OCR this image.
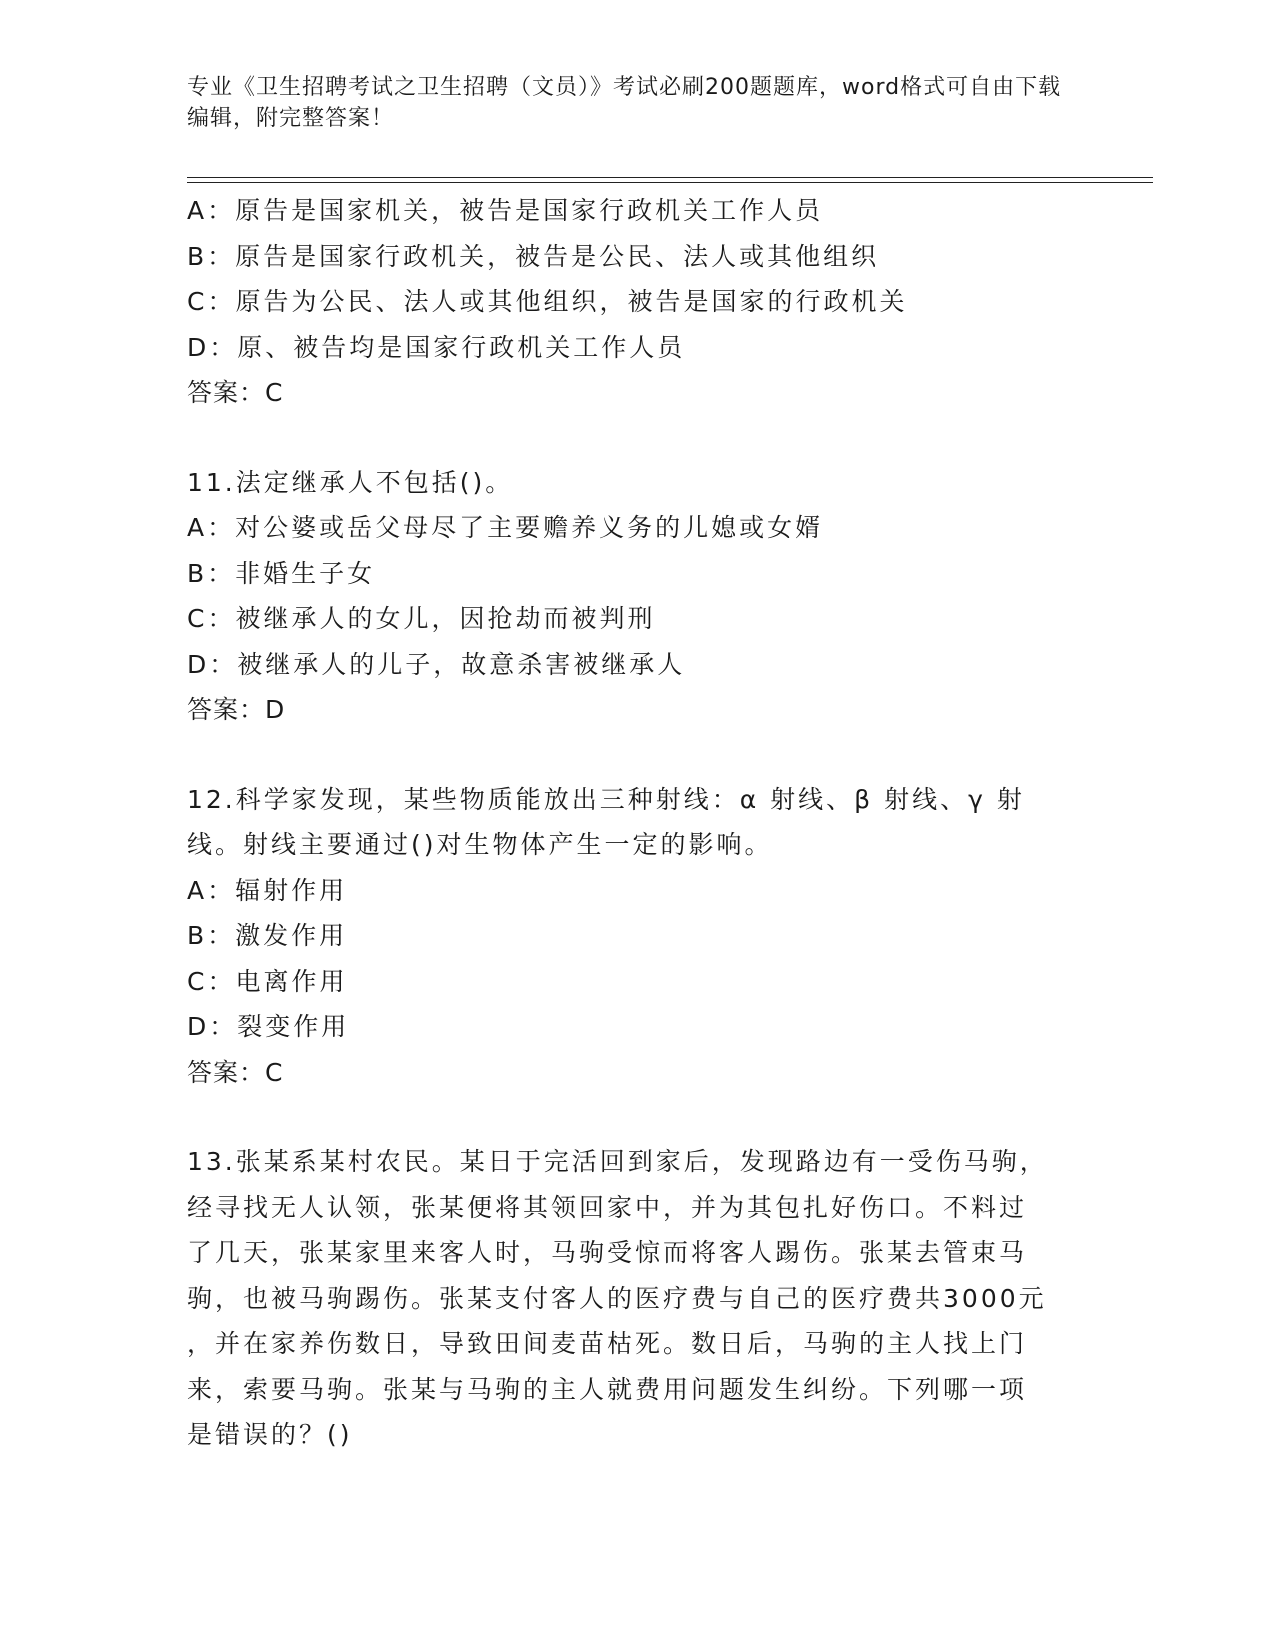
专业《卫生招聘考试之卫生招聘（文员）》考试必刷200题题库，word格式可自由下载编辑，附完整答案！
A：原告是国家机关，被告是国家行政机关工作人员
B：原告是国家行政机关，被告是公民、法人或其他组织
C：原告为公民、法人或其他组织，被告是国家的行政机关
D：原、被告均是国家行政机关工作人员
答案：C
11.法定继承人不包括()。
A：对公婆或岳父母尽了主要赡养义务的儿媳或女婿
B：非婚生子女
C：被继承人的女儿，因抢劫而被判刑
D：被继承人的儿子，故意杀害被继承人
答案：D
12.科学家发现，某些物质能放出三种射线：α 射线、β 射线、γ 射
线。射线主要通过()对生物体产生一定的影响。
A：辐射作用
B：激发作用
C：电离作用
D：裂变作用
答案：C
13.张某系某村农民。某日于完活回到家后，发现路边有一受伤马驹，
经寻找无人认领，张某便将其领回家中，并为其包扎好伤口。不料过
了几天，张某家里来客人时，马驹受惊而将客人踢伤。张某去管束马
驹，也被马驹踢伤。张某支付客人的医疗费与自己的医疗费共3000元
，并在家养伤数日，导致田间麦苗枯死。数日后，马驹的主人找上门
来，索要马驹。张某与马驹的主人就费用问题发生纠纷。下列哪一项
是错误的？()
